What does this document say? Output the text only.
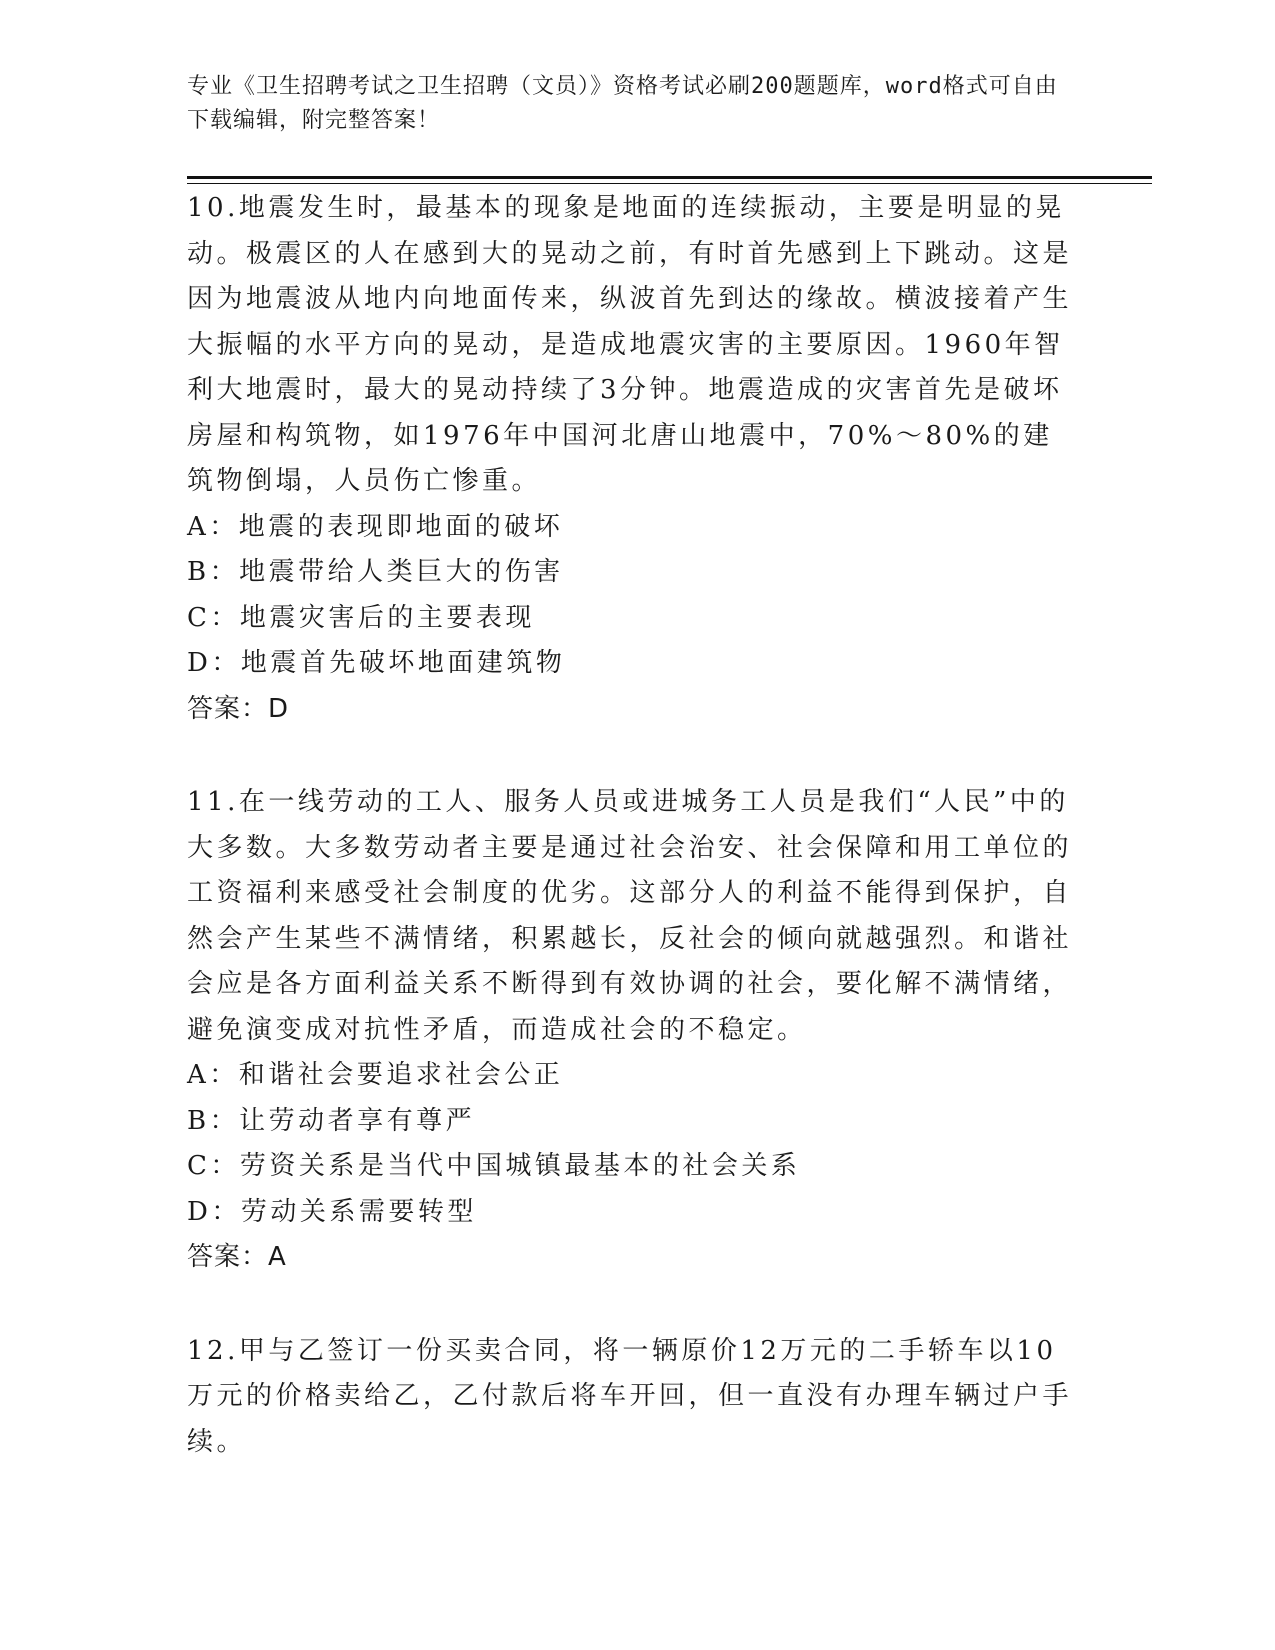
专业《卫生招聘考试之卫生招聘（文员）》资格考试必刷200题题库，word格式可自由下载编辑，附完整答案！

10.地震发生时，最基本的现象是地面的连续振动，主要是明显的晃动。极震区的人在感到大的晃动之前，有时首先感到上下跳动。这是因为地震波从地内向地面传来，纵波首先到达的缘故。横波接着产生大振幅的水平方向的晃动，是造成地震灾害的主要原因。1960年智利大地震时，最大的晃动持续了3分钟。地震造成的灾害首先是破坏房屋和构筑物，如1976年中国河北唐山地震中，70%～80%的建筑物倒塌，人员伤亡惨重。

A：地震的表现即地面的破坏

B：地震带给人类巨大的伤害

C：地震灾害后的主要表现

D：地震首先破坏地面建筑物

答案：D

11.在一线劳动的工人、服务人员或进城务工人员是我们“人民”中的大多数。大多数劳动者主要是通过社会治安、社会保障和用工单位的工资福利来感受社会制度的优劣。这部分人的利益不能得到保护，自然会产生某些不满情绪，积累越长，反社会的倾向就越强烈。和谐社会应是各方面利益关系不断得到有效协调的社会，要化解不满情绪，避免演变成对抗性矛盾，而造成社会的不稳定。

A：和谐社会要追求社会公正

B：让劳动者享有尊严

C：劳资关系是当代中国城镇最基本的社会关系

D：劳动关系需要转型

答案：A

12.甲与乙签订一份买卖合同，将一辆原价12万元的二手轿车以10万元的价格卖给乙，乙付款后将车开回，但一直没有办理车辆过户手续。
